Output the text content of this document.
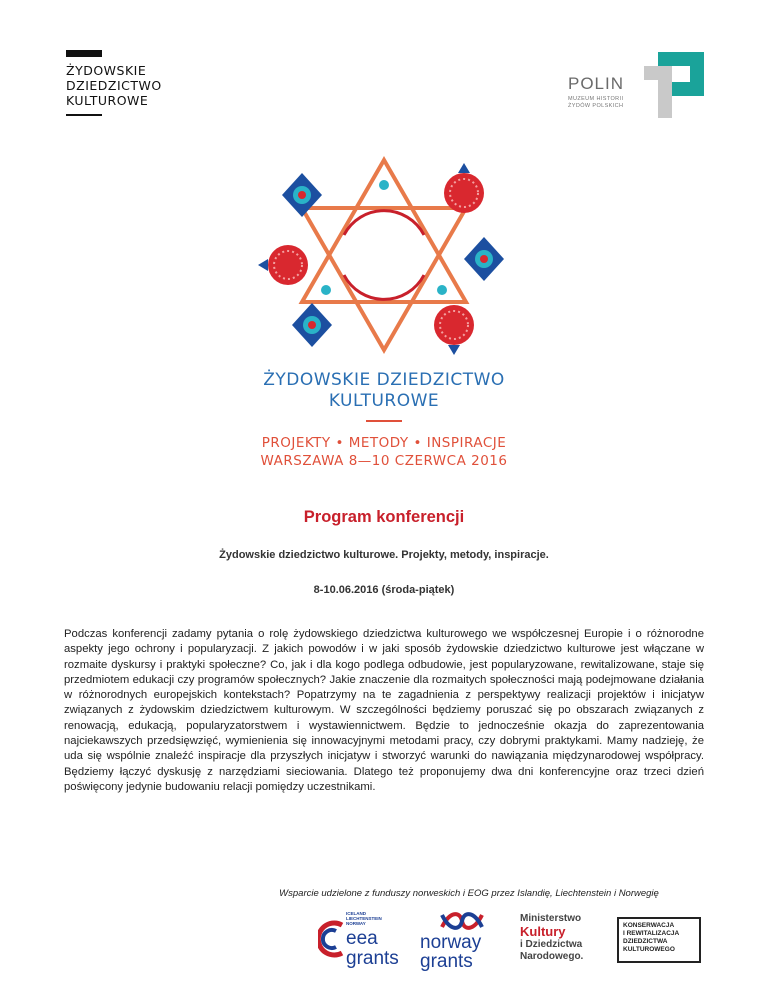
ŻYDOWSKIE
DZIEDZICTWO
KULTUROWE
POLIN
MUZEUM HISTORII
ŻYDÓW POLSKICH
ŻYDOWSKIE DZIEDZICTWO
KULTUROWE
PROJEKTY • METODY • INSPIRACJE
WARSZAWA 8—10 CZERWCA 2016
Program konferencji
Żydowskie dziedzictwo kulturowe. Projekty, metody, inspiracje.
8-10.06.2016 (środa-piątek)
Podczas konferencji zadamy pytania o rolę żydowskiego dziedzictwa kulturowego we współczesnej Europie i o różnorodne aspekty jego ochrony i popularyzacji. Z jakich powodów i w jaki sposób żydowskie dziedzictwo kulturowe jest włączane w rozmaite dyskursy i praktyki społeczne? Co, jak i dla kogo podlega odbudowie, jest popularyzowane, rewitalizowane, staje się przedmiotem edukacji czy programów społecznych? Jakie znaczenie dla rozmaitych społeczności mają podejmowane działania w różnorodnych europejskich kontekstach? Popatrzymy na te zagadnienia z perspektywy realizacji projektów i inicjatyw związanych z żydowskim dziedzictwem kulturowym. W szczególności będziemy poruszać się po obszarach związanych z renowacją, edukacją, popularyzatorstwem i wystawiennictwem. Będzie to jednocześnie okazja do zaprezentowania najciekawszych przedsięwzięć, wymienienia się innowacyjnymi metodami pracy, czy dobrymi praktykami. Mamy nadzieję, że uda się wspólnie znaleźć inspiracje dla przyszłych inicjatyw i stworzyć warunki do nawiązania międzynarodowej współpracy. Będziemy łączyć dyskusję z narzędziami sieciowania. Dlatego też proponujemy dwa dni konferencyjne oraz trzeci dzień poświęcony jedynie budowaniu relacji pomiędzy uczestnikami.
Wsparcie udzielone z funduszy norweskich i EOG przez Islandię, Liechtenstein i Norwegię
ICELAND
LIECHTENSTEIN
NORWAY
eea
grants
norway
grants
Ministerstwo
Kultury
i Dziedzictwa
Narodowego.
KONSERWACJA
I REWITALIZACJA
DZIEDZICTWA
KULTUROWEGO
